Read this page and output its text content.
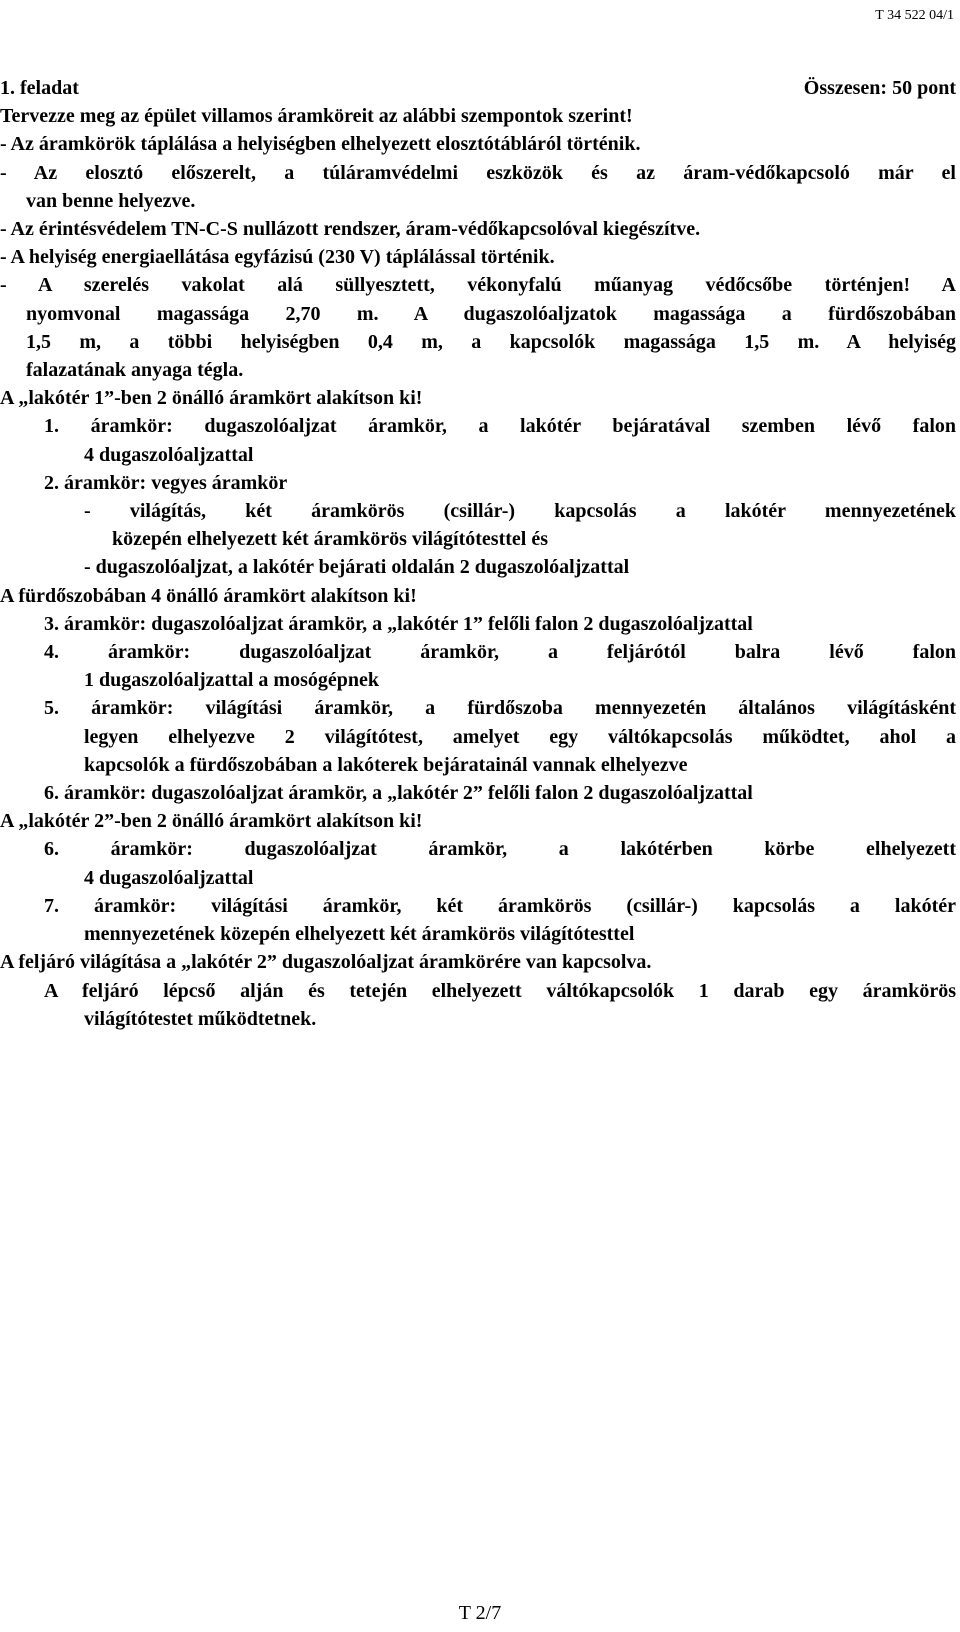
T 34 522 04/1
1. feladat	Összesen: 50 pont

Tervezze meg az épület villamos áramköreit az alábbi szempontok szerint!

- Az áramkörök táplálása a helyiségben elhelyezett elosztótábláról történik.

- Az elosztó előszerelt, a túláramvédelmi eszközök és az áram-védőkapcsoló már el

van benne helyezve.

- Az érintésvédelem TN-C-S nullázott rendszer, áram-védőkapcsolóval kiegészítve.

- A helyiség energiaellátása egyfázisú (230 V) táplálással történik.

- A szerelés vakolat alá süllyesztett, vékonyfalú műanyag védőcsőbe történjen! A

nyomvonal magassága 2,70 m. A dugaszolóaljzatok magassága a fürdőszobában

1,5 m, a többi helyiségben 0,4 m, a kapcsolók magassága 1,5 m. A helyiség

falazatának anyaga tégla.

A „lakótér 1”-ben 2 önálló áramkört alakítson ki!

1. áramkör: dugaszolóaljzat áramkör, a lakótér bejáratával szemben lévő falon

4 dugaszolóaljzattal

2. áramkör: vegyes áramkör

- világítás, két áramkörös (csillár-) kapcsolás a lakótér mennyezetének

közepén elhelyezett két áramkörös világítótesttel és

- dugaszolóaljzat, a lakótér bejárati oldalán 2 dugaszolóaljzattal

A fürdőszobában 4 önálló áramkört alakítson ki!

3. áramkör: dugaszolóaljzat áramkör, a „lakótér 1” felőli falon 2 dugaszolóaljzattal

4. áramkör: dugaszolóaljzat áramkör, a feljárótól balra lévő falon

1 dugaszolóaljzattal a mosógépnek

5. áramkör: világítási áramkör, a fürdőszoba mennyezetén általános világításként

legyen elhelyezve 2 világítótest, amelyet egy váltókapcsolás működtet, ahol a

kapcsolók a fürdőszobában a lakóterek bejáratainál vannak elhelyezve

6. áramkör: dugaszolóaljzat áramkör, a „lakótér 2” felőli falon 2 dugaszolóaljzattal

A „lakótér 2”-ben 2 önálló áramkört alakítson ki!

6. áramkör: dugaszolóaljzat áramkör, a lakótérben körbe elhelyezett

4 dugaszolóaljzattal

7. áramkör: világítási áramkör, két áramkörös (csillár-) kapcsolás a lakótér

mennyezetének közepén elhelyezett két áramkörös világítótesttel

A feljáró világítása a „lakótér 2” dugaszolóaljzat áramkörére van kapcsolva.

A feljáró lépcső alján és tetején elhelyezett váltókapcsolók 1 darab egy áramkörös

világítótestet működtetnek.

T 2/7
